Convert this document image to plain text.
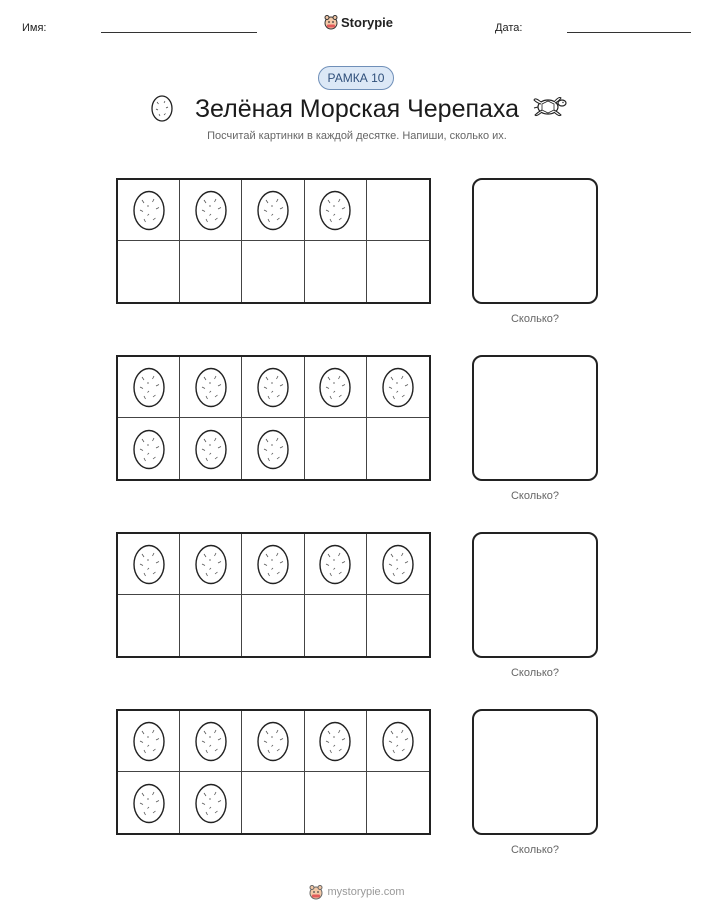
Имя:	Storypie	Дата:
РАМКА 10
Зелёная Морская Черепаха
Посчитай картинки в каждой десятке. Напиши, сколько их.
Сколько?
Сколько?
Сколько?
Сколько?
mystorypie.com
